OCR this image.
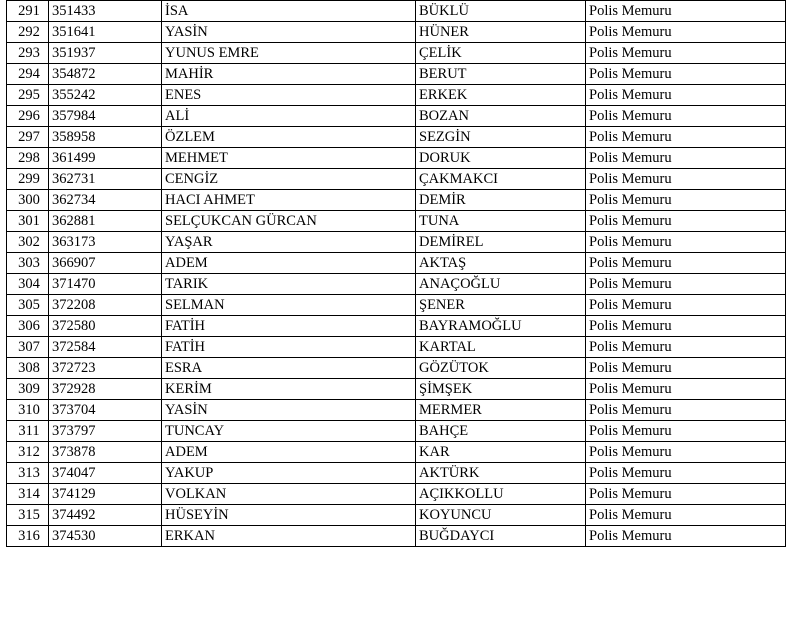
291	351433	İSA	BÜKLÜ	Polis Memuru
292	351641	YASİN	HÜNER	Polis Memuru
293	351937	YUNUS EMRE	ÇELİK	Polis Memuru
294	354872	MAHİR	BERUT	Polis Memuru
295	355242	ENES	ERKEK	Polis Memuru
296	357984	ALİ	BOZAN	Polis Memuru
297	358958	ÖZLEM	SEZGİN	Polis Memuru
298	361499	MEHMET	DORUK	Polis Memuru
299	362731	CENGİZ	ÇAKMAKCI	Polis Memuru
300	362734	HACI AHMET	DEMİR	Polis Memuru
301	362881	SELÇUKCAN GÜRCAN	TUNA	Polis Memuru
302	363173	YAŞAR	DEMİREL	Polis Memuru
303	366907	ADEM	AKTAŞ	Polis Memuru
304	371470	TARIK	ANAÇOĞLU	Polis Memuru
305	372208	SELMAN	ŞENER	Polis Memuru
306	372580	FATİH	BAYRAMOĞLU	Polis Memuru
307	372584	FATİH	KARTAL	Polis Memuru
308	372723	ESRA	GÖZÜTOK	Polis Memuru
309	372928	KERİM	ŞİMŞEK	Polis Memuru
310	373704	YASİN	MERMER	Polis Memuru
311	373797	TUNCAY	BAHÇE	Polis Memuru
312	373878	ADEM	KAR	Polis Memuru
313	374047	YAKUP	AKTÜRK	Polis Memuru
314	374129	VOLKAN	AÇIKKOLLU	Polis Memuru
315	374492	HÜSEYİN	KOYUNCU	Polis Memuru
316	374530	ERKAN	BUĞDAYCI	Polis Memuru
